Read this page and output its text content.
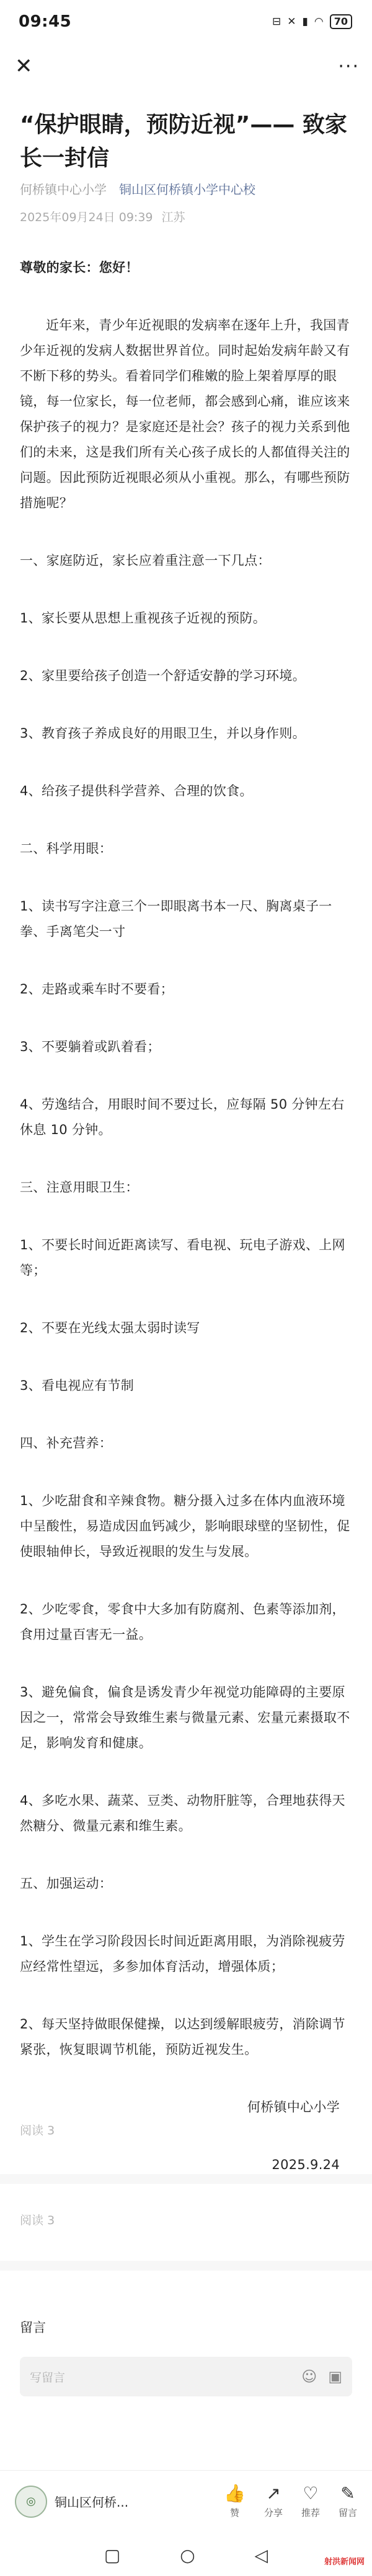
09:45	⊟ ✕ ▮ ◠	70
✕	···
“保护眼睛，预防近视”—— 致家长一封信
何桥镇中心小学 铜山区何桥镇小学中心校
2025年09月24日 09:39 江苏

尊敬的家长：您好！

近年来，青少年近视眼的发病率在逐年上升，我国青少年近视的发病人数据世界首位。同时起始发病年龄又有不断下移的势头。看着同学们稚嫩的脸上架着厚厚的眼镜，每一位家长，每一位老师，都会感到心痛，谁应该来保护孩子的视力？是家庭还是社会？孩子的视力关系到他们的未来，这是我们所有关心孩子成长的人都值得关注的问题。因此预防近视眼必须从小重视。那么，有哪些预防措施呢？

一、家庭防近，家长应着重注意一下几点：

1、家长要从思想上重视孩子近视的预防。

2、家里要给孩子创造一个舒适安静的学习环境。

3、教育孩子养成良好的用眼卫生，并以身作则。

4、给孩子提供科学营养、合理的饮食。

二、科学用眼：

1、读书写字注意三个一即眼离书本一尺、胸离桌子一拳、手离笔尖一寸

2、走路或乘车时不要看；

3、不要躺着或趴着看；

4、劳逸结合，用眼时间不要过长，应每隔 50 分钟左右休息 10 分钟。

三、注意用眼卫生：

1、不要长时间近距离读写、看电视、玩电子游戏、上网等；

2、不要在光线太强太弱时读写

3、看电视应有节制

四、补充营养：

1、少吃甜食和辛辣食物。糖分摄入过多在体内血液环境中呈酸性，易造成因血钙减少，影响眼球壁的坚韧性，促使眼轴伸长，导致近视眼的发生与发展。

2、少吃零食，零食中大多加有防腐剂、色素等添加剂，食用过量百害无一益。

3、避免偏食，偏食是诱发青少年视觉功能障碍的主要原因之一，常常会导致维生素与微量元素、宏量元素摄取不足，影响发育和健康。

4、多吃水果、蔬菜、豆类、动物肝脏等，合理地获得天然糖分、微量元素和维生素。

五、加强运动：

1、学生在学习阶段因长时间近距离用眼，为消除视疲劳应经常性望远，多参加体育活动，增强体质；

2、每天坚持做眼保健操，以达到缓解眼疲劳，消除调节紧张，恢复眼调节机能，预防近视发生。

何桥镇中心小学

2025.9.24

阅读 3
阅读 3
留言
写留言	☺ ▣
◎	铜山区何桥...	👍
赞
↗
分享
♡
推荐
✎
留言
▢	○	◁	射洪新闻网
